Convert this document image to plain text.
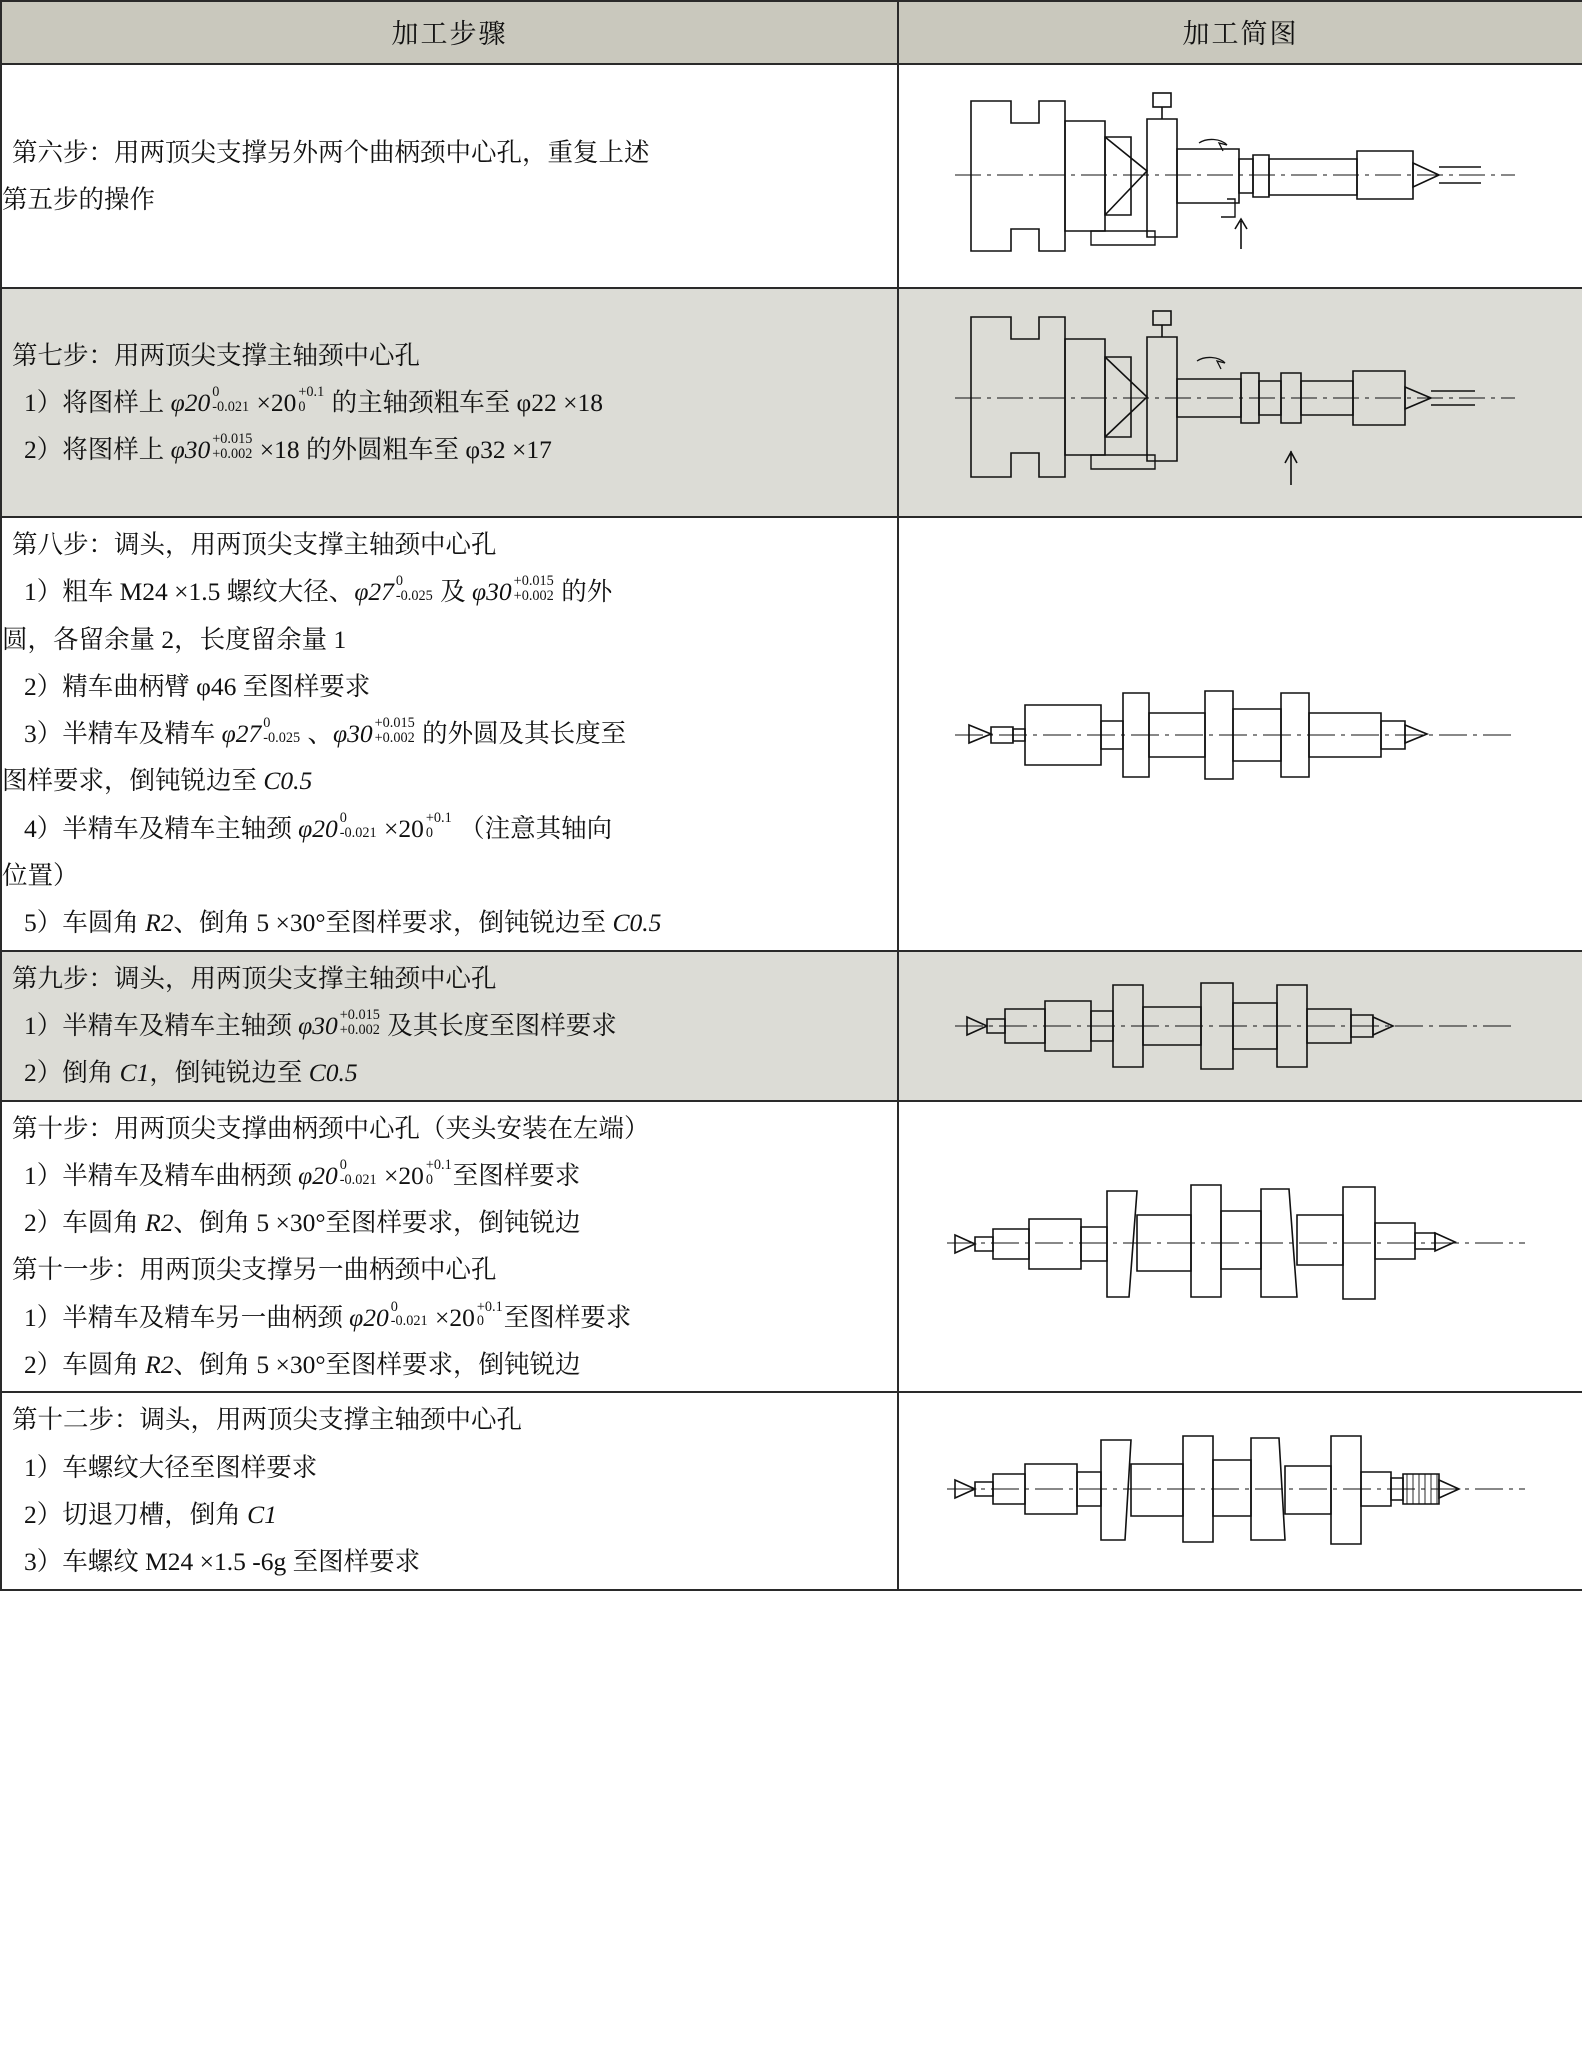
加工步骤	加工简图

第六步：用两顶尖支撑另外两个曲柄颈中心孔，重复上述
第五步的操作

第七步：用两顶尖支撑主轴颈中心孔
1）将图样上 φ20 0
-0.021 ×20 +0.1
0 的主轴颈粗车至 φ22 ×18
2）将图样上 φ30 +0.015
+0.002 ×18 的外圆粗车至 φ32 ×17

第八步：调头，用两顶尖支撑主轴颈中心孔
1）粗车 M24 ×1.5 螺纹大径、φ27 0
-0.025 及 φ30 +0.015
+0.002 的外
圆，各留余量 2，长度留余量 1
2）精车曲柄臂 φ46 至图样要求
3）半精车及精车 φ27 0
-0.025 、φ30 +0.015
+0.002 的外圆及其长度至
图样要求，倒钝锐边至 C0.5
4）半精车及精车主轴颈 φ20 0
-0.021 ×20 +0.1
0 （注意其轴向
位置）
5）车圆角 R2、倒角 5 ×30°至图样要求，倒钝锐边至 C0.5

第九步：调头，用两顶尖支撑主轴颈中心孔
1）半精车及精车主轴颈 φ30 +0.015
+0.002 及其长度至图样要求
2）倒角 C1，倒钝锐边至 C0.5

第十步：用两顶尖支撑曲柄颈中心孔（夹头安装在左端）
1）半精车及精车曲柄颈 φ20 0
-0.021 ×20 +0.1
0 至图样要求
2）车圆角 R2、倒角 5 ×30°至图样要求，倒钝锐边
第十一步：用两顶尖支撑另一曲柄颈中心孔
1）半精车及精车另一曲柄颈 φ20 0
-0.021 ×20 +0.1
0 至图样要求
2）车圆角 R2、倒角 5 ×30°至图样要求，倒钝锐边

第十二步：调头，用两顶尖支撑主轴颈中心孔
1）车螺纹大径至图样要求
2）切退刀槽，倒角 C1
3）车螺纹 M24 ×1.5 -6g 至图样要求
